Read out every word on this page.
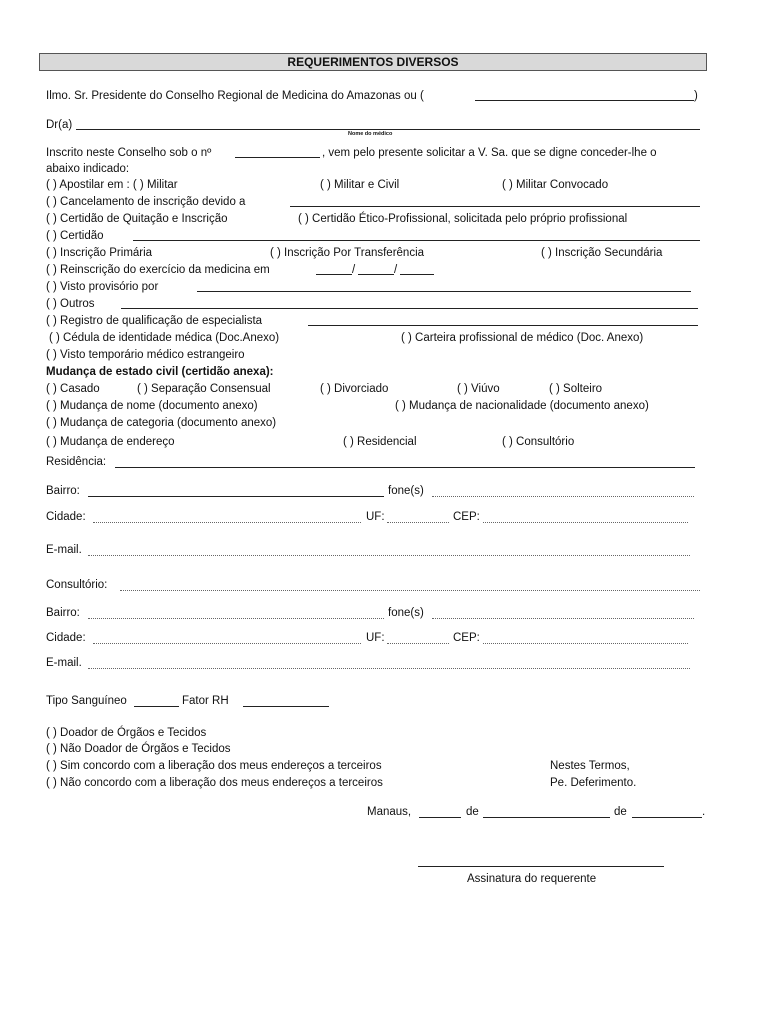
REQUERIMENTOS DIVERSOS
Ilmo. Sr. Presidente do Conselho Regional de Medicina do Amazonas ou (	)
Dr(a)
Nome do médico
Inscrito neste Conselho sob o nº	, vem pelo presente solicitar a V. Sa. que se digne conceder-lhe o
abaixo indicado:
( ) Apostilar em : ( ) Militar	( ) Militar e Civil	( ) Militar Convocado
( ) Cancelamento de inscrição devido a
( ) Certidão de Quitação e Inscrição	( ) Certidão Ético-Profissional, solicitada pelo próprio profissional
( ) Certidão
( ) Inscrição Primária	( ) Inscrição Por Transferência	( ) Inscrição Secundária
( ) Reinscrição do exercício da medicina em	/	/
( ) Visto provisório por
( ) Outros
( ) Registro de qualificação de especialista
( ) Cédula de identidade médica (Doc.Anexo)	( ) Carteira profissional de médico (Doc. Anexo)
( ) Visto temporário médico estrangeiro
Mudança de estado civil (certidão anexa):
( ) Casado	( ) Separação Consensual	( ) Divorciado	( ) Viúvo	( ) Solteiro
( ) Mudança de nome (documento anexo)	( ) Mudança de nacionalidade (documento anexo)
( ) Mudança de categoria (documento anexo)
( ) Mudança de endereço	( ) Residencial	( ) Consultório
Residência:
Bairro:	fone(s)
Cidade:	UF:	CEP:
E-mail.
Consultório:
Bairro:	fone(s)
Cidade:	UF:	CEP:
E-mail.
Tipo Sanguíneo	Fator RH
( ) Doador de Órgãos e Tecidos
( ) Não Doador de Órgãos e Tecidos
( ) Sim concordo com a liberação dos meus endereços a terceiros
( ) Não concordo com a liberação dos meus endereços a terceiros
Nestes Termos,
Pe. Deferimento.
Manaus,	de	de	.
Assinatura do requerente
